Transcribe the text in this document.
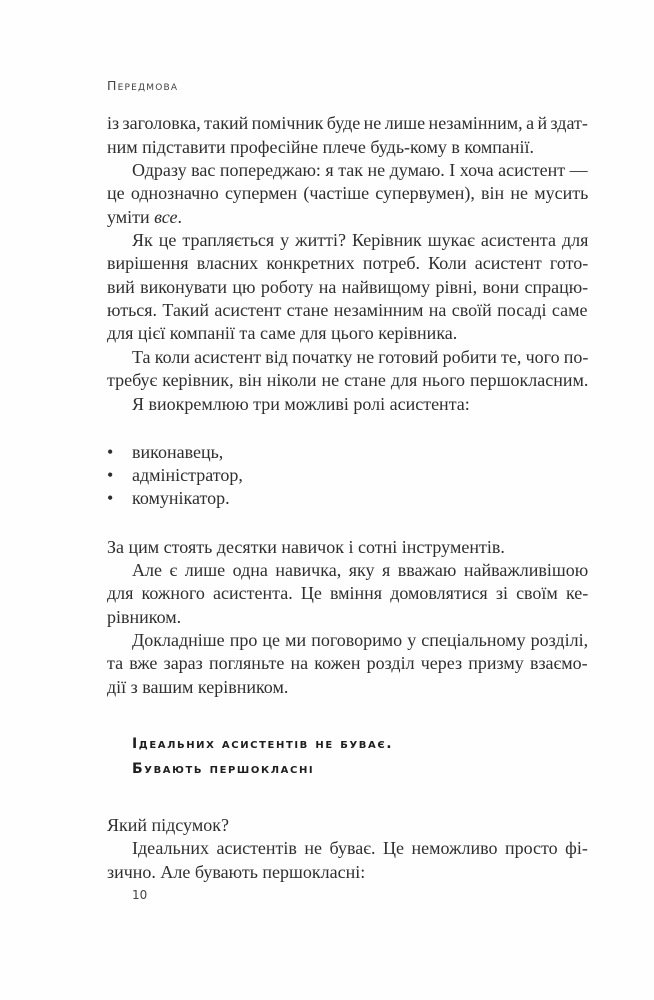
Передмова
із заголовка, такий помічник буде не лише незамінним, а й здат-
ним підставити професійне плече будь-кому в компанії.
Одразу вас попереджаю: я так не думаю. І хоча асистент —
це однозначно супермен (частіше супервумен), він не мусить
уміти все.
Як це трапляється у житті? Керівник шукає асистента для
вирішення власних конкретних потреб. Коли асистент гото-
вий виконувати цю роботу на найвищому рівні, вони спрацю-
ються. Такий асистент стане незамінним на своїй посаді саме
для цієї компанії та саме для цього керівника.
Та коли асистент від початку не готовий робити те, чого по-
требує керівник, він ніколи не стане для нього першокласним.
Я виокремлюю три можливі ролі асистента:
• виконавець,
• адміністратор,
• комунікатор.
За цим стоять десятки навичок і сотні інструментів.
Але є лише одна навичка, яку я вважаю найважливішою
для кожного асистента. Це вміння домовлятися зі своїм ке-
рівником.
Докладніше про це ми поговоримо у спеціальному розділі,
та вже зараз погляньте на кожен розділ через призму взаємо-
дії з вашим керівником.
Який підсумок?
Ідеальних асистентів не буває. Це неможливо просто фі-
зично. Але бувають першокласні:
Ідеальних асистентів не буває.
Бувають першокласні
10
